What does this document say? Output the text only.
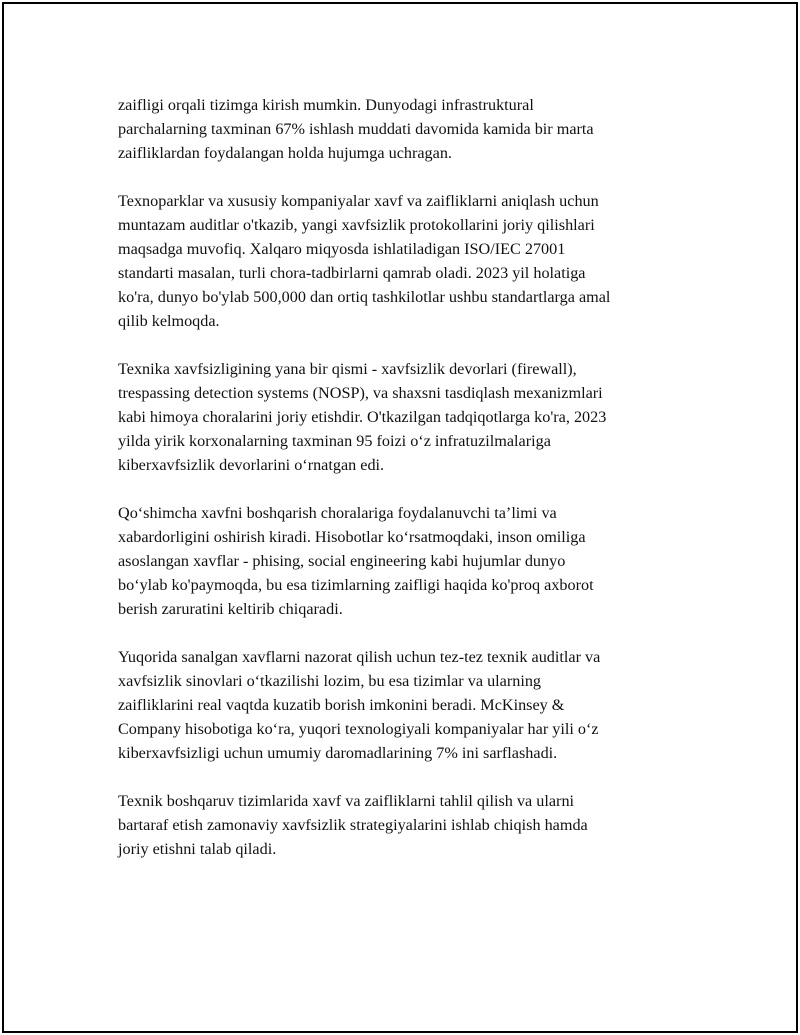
zaifligi orqali tizimga kirish mumkin. Dunyodagi infrastruktural
parchalarning taxminan 67% ishlash muddati davomida kamida bir marta
zaifliklardan foydalangan holda hujumga uchragan.

Texnoparklar va xususiy kompaniyalar xavf va zaifliklarni aniqlash uchun
muntazam auditlar o'tkazib, yangi xavfsizlik protokollarini joriy qilishlari
maqsadga muvofiq. Xalqaro miqyosda ishlatiladigan ISO/IEC 27001
standarti masalan, turli chora-tadbirlarni qamrab oladi. 2023 yil holatiga
ko'ra, dunyo bo'ylab 500,000 dan ortiq tashkilotlar ushbu standartlarga amal
qilib kelmoqda.

Texnika xavfsizligining yana bir qismi - xavfsizlik devorlari (firewall),
trespassing detection systems (NOSP), va shaxsni tasdiqlash mexanizmlari
kabi himoya choralarini joriy etishdir. O'tkazilgan tadqiqotlarga ko'ra, 2023
yilda yirik korxonalarning taxminan 95 foizi o‘z infratuzilmalariga
kiberxavfsizlik devorlarini o‘rnatgan edi.

Qo‘shimcha xavfni boshqarish choralariga foydalanuvchi ta’limi va
xabardorligini oshirish kiradi. Hisobotlar ko‘rsatmoqdaki, inson omiliga
asoslangan xavflar - phising, social engineering kabi hujumlar dunyo
bo‘ylab ko'paymoqda, bu esa tizimlarning zaifligi haqida ko'proq axborot
berish zaruratini keltirib chiqaradi.

Yuqorida sanalgan xavflarni nazorat qilish uchun tez-tez texnik auditlar va
xavfsizlik sinovlari o‘tkazilishi lozim, bu esa tizimlar va ularning
zaifliklarini real vaqtda kuzatib borish imkonini beradi. McKinsey &
Company hisobotiga ko‘ra, yuqori texnologiyali kompaniyalar har yili o‘z
kiberxavfsizligi uchun umumiy daromadlarining 7% ini sarflashadi.

Texnik boshqaruv tizimlarida xavf va zaifliklarni tahlil qilish va ularni
bartaraf etish zamonaviy xavfsizlik strategiyalarini ishlab chiqish hamda
joriy etishni talab qiladi.
